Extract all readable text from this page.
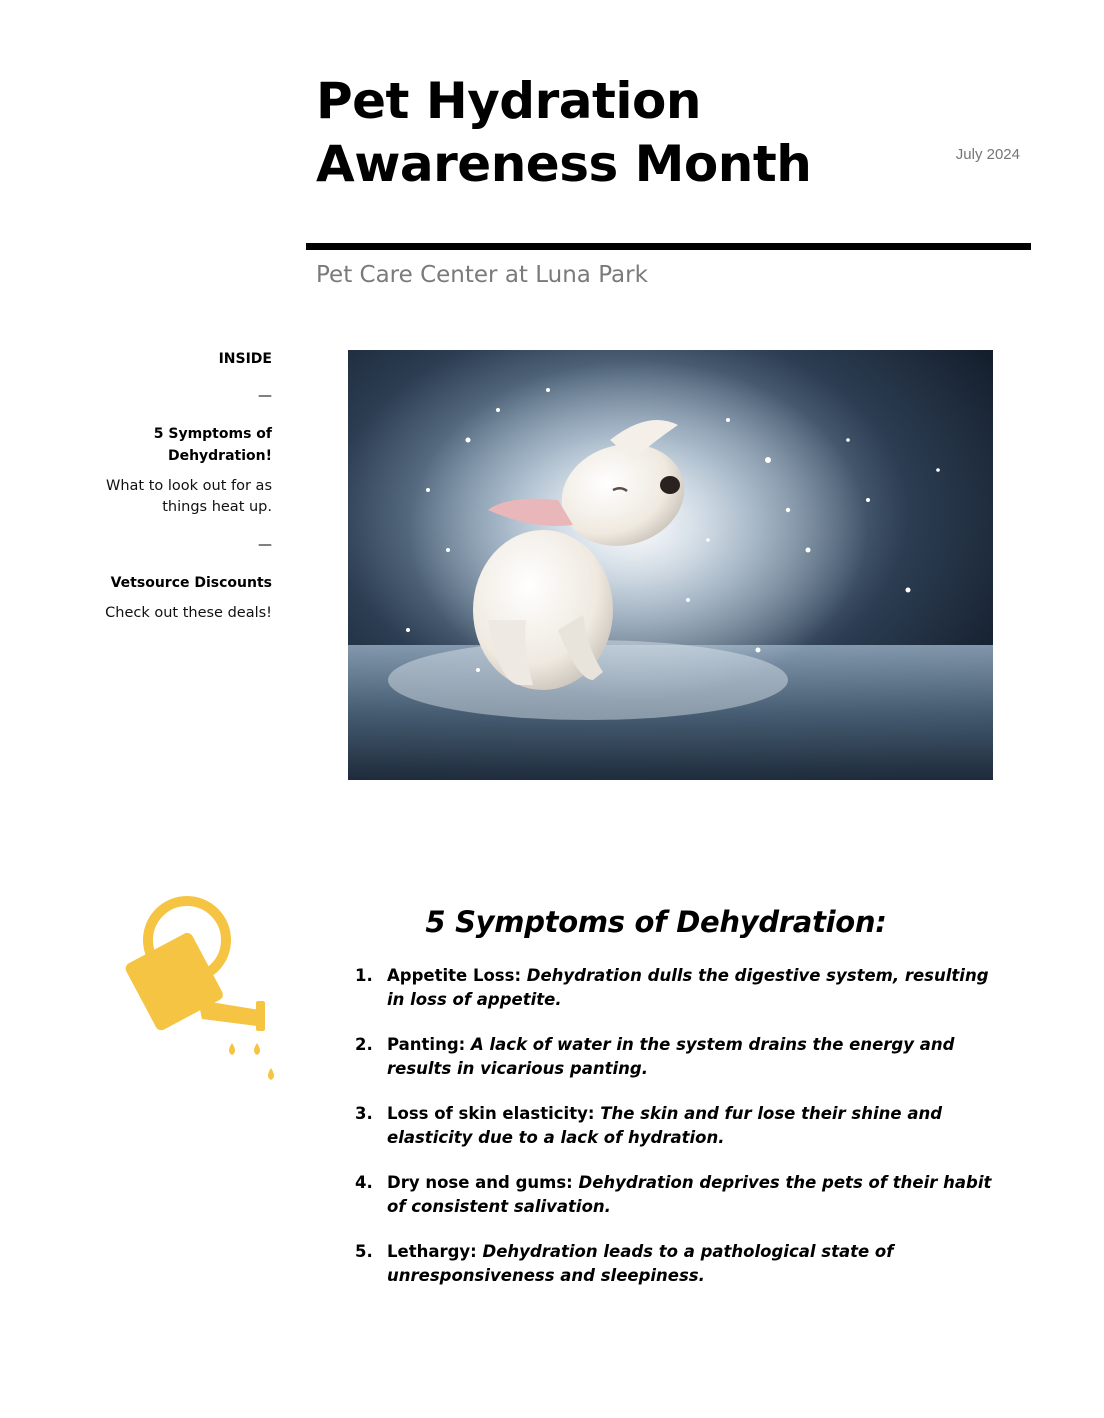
Pet Hydration
Awareness Month	July 2024
Pet Care Center at Luna Park

INSIDE

—

5 Symptoms of Dehydration!

What to look out for as things heat up.

—

Vetsource Discounts

Check out these deals!

5 Symptoms of Dehydration:
1. Appetite Loss: Dehydration dulls the digestive system, resulting in loss of appetite.
2. Panting: A lack of water in the system drains the energy and results in vicarious panting.
3. Loss of skin elasticity: The skin and fur lose their shine and elasticity due to a lack of hydration.
4. Dry nose and gums: Dehydration deprives the pets of their habit of consistent salivation.
5. Lethargy: Dehydration leads to a pathological state of unresponsiveness and sleepiness.
